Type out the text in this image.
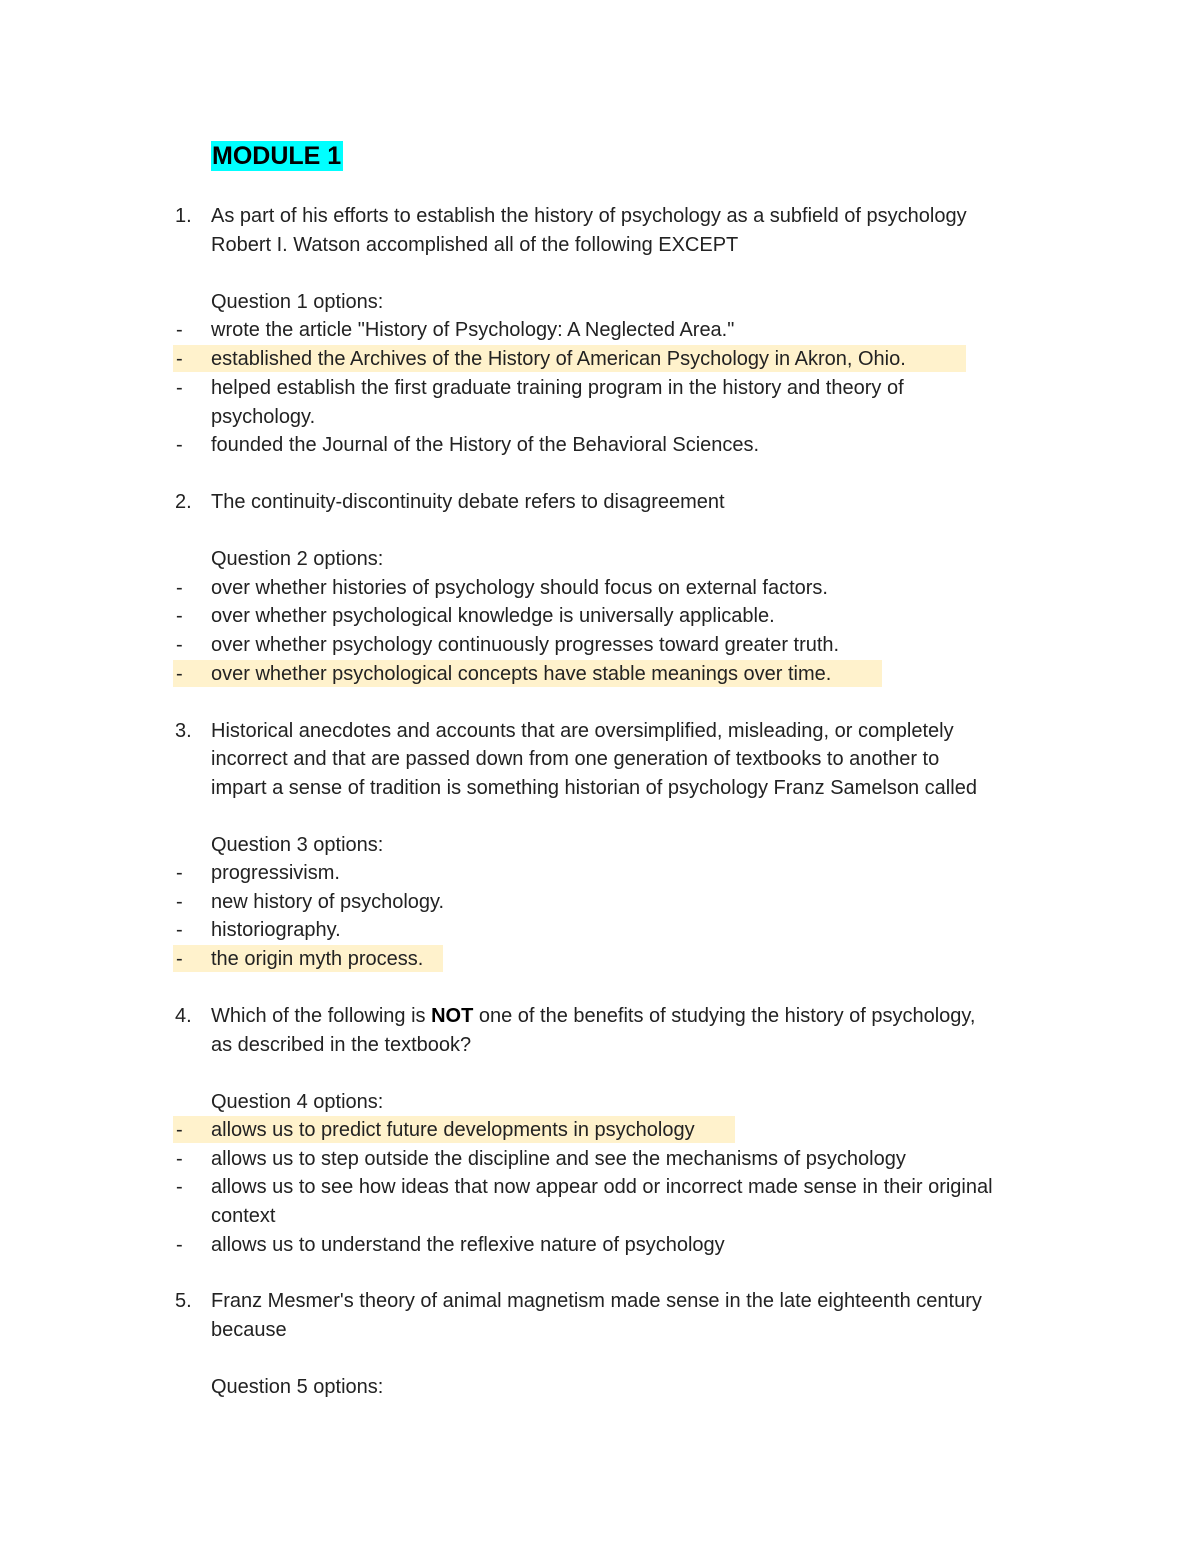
MODULE 1
1. As part of his efforts to establish the history of psychology as a subfield of psychology
Robert I. Watson accomplished all of the following EXCEPT
Question 1 options:
- wrote the article "History of Psychology: A Neglected Area."
- established the Archives of the History of American Psychology in Akron, Ohio.
- helped establish the first graduate training program in the history and theory of
psychology.
- founded the Journal of the History of the Behavioral Sciences.
2. The continuity-discontinuity debate refers to disagreement
Question 2 options:
- over whether histories of psychology should focus on external factors.
- over whether psychological knowledge is universally applicable.
- over whether psychology continuously progresses toward greater truth.
- over whether psychological concepts have stable meanings over time.
3. Historical anecdotes and accounts that are oversimplified, misleading, or completely
incorrect and that are passed down from one generation of textbooks to another to
impart a sense of tradition is something historian of psychology Franz Samelson called
Question 3 options:
- progressivism.
- new history of psychology.
- historiography.
- the origin myth process.
4. Which of the following is NOT one of the benefits of studying the history of psychology,
as described in the textbook?
Question 4 options:
- allows us to predict future developments in psychology
- allows us to step outside the discipline and see the mechanisms of psychology
- allows us to see how ideas that now appear odd or incorrect made sense in their original
context
- allows us to understand the reflexive nature of psychology
5. Franz Mesmer's theory of animal magnetism made sense in the late eighteenth century
because
Question 5 options:
